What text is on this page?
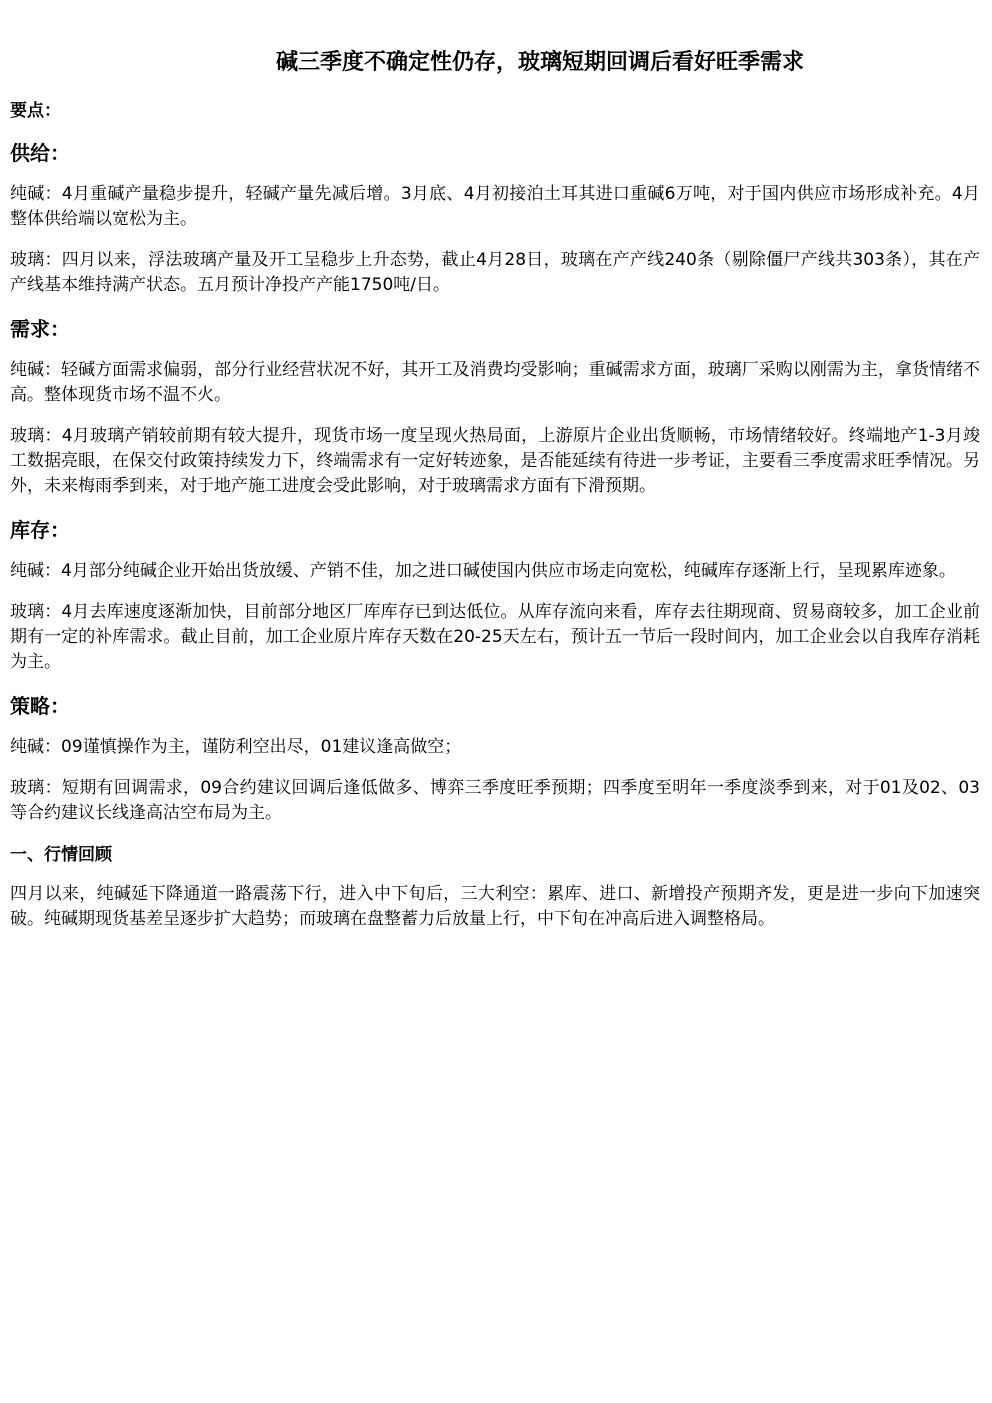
碱三季度不确定性仍存，玻璃短期回调后看好旺季需求
要点：
供给：

纯碱：4月重碱产量稳步提升，轻碱产量先减后增。3月底、4月初接泊土耳其进口重碱6万吨，对于国内供应市场形成补充。4月整体供给端以宽松为主。

玻璃：四月以来，浮法玻璃产量及开工呈稳步上升态势，截止4月28日，玻璃在产产线240条（剔除僵尸产线共303条），其在产产线基本维持满产状态。五月预计净投产产能1750吨/日。

需求：

纯碱：轻碱方面需求偏弱，部分行业经营状况不好，其开工及消费均受影响；重碱需求方面，玻璃厂采购以刚需为主，拿货情绪不高。整体现货市场不温不火。

玻璃：4月玻璃产销较前期有较大提升，现货市场一度呈现火热局面，上游原片企业出货顺畅，市场情绪较好。终端地产1-3月竣工数据亮眼，在保交付政策持续发力下，终端需求有一定好转迹象，是否能延续有待进一步考证，主要看三季度需求旺季情况。另外，未来梅雨季到来，对于地产施工进度会受此影响，对于玻璃需求方面有下滑预期。

库存：

纯碱：4月部分纯碱企业开始出货放缓、产销不佳，加之进口碱使国内供应市场走向宽松，纯碱库存逐渐上行，呈现累库迹象。

玻璃：4月去库速度逐渐加快，目前部分地区厂库库存已到达低位。从库存流向来看，库存去往期现商、贸易商较多，加工企业前期有一定的补库需求。截止目前，加工企业原片库存天数在20-25天左右，预计五一节后一段时间内，加工企业会以自我库存消耗为主。

策略：

纯碱：09谨慎操作为主，谨防利空出尽，01建议逢高做空；

玻璃：短期有回调需求，09合约建议回调后逢低做多、博弈三季度旺季预期；四季度至明年一季度淡季到来，对于01及02、03等合约建议长线逢高沽空布局为主。

一、行情回顾

四月以来，纯碱延下降通道一路震荡下行，进入中下旬后，三大利空：累库、进口、新增投产预期齐发，更是进一步向下加速突破。纯碱期现货基差呈逐步扩大趋势；而玻璃在盘整蓄力后放量上行，中下旬在冲高后进入调整格局。
